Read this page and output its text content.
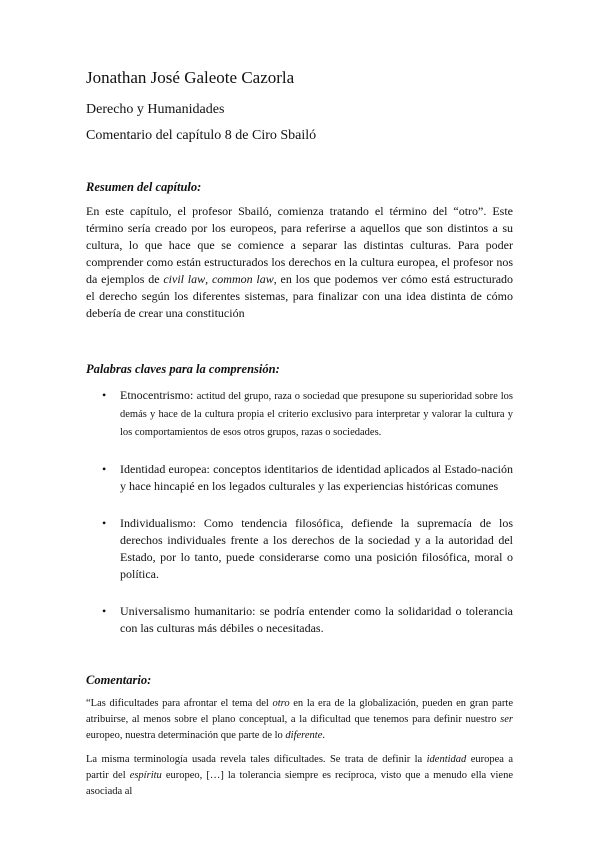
Jonathan José Galeote Cazorla

Derecho y Humanidades

Comentario del capítulo 8 de Ciro Sbailó

Resumen del capítulo:

En este capítulo, el profesor Sbailó, comienza tratando el término del “otro”. Este término sería creado por los europeos, para referirse a aquellos que son distintos a su cultura, lo que hace que se comience a separar las distintas culturas. Para poder comprender como están estructurados los derechos en la cultura europea, el profesor nos da ejemplos de civil law, common law, en los que podemos ver cómo está estructurado el derecho según los diferentes sistemas, para finalizar con una idea distinta de cómo debería de crear una constitución

Palabras claves para la comprensión:

• Etnocentrismo: actitud del grupo, raza o sociedad que presupone su superioridad sobre los demás y hace de la cultura propia el criterio exclusivo para interpretar y valorar la cultura y los comportamientos de esos otros grupos, razas o sociedades.
• Identidad europea: conceptos identitarios de identidad aplicados al Estado-nación y hace hincapié en los legados culturales y las experiencias históricas comunes
• Individualismo: Como tendencia filosófica, defiende la supremacía de los derechos individuales frente a los derechos de la sociedad y a la autoridad del Estado, por lo tanto, puede considerarse como una posición filosófica, moral o política.
• Universalismo humanitario: se podría entender como la solidaridad o tolerancia con las culturas más débiles o necesitadas.

Comentario:

“Las dificultades para afrontar el tema del otro en la era de la globalización, pueden en gran parte atribuirse, al menos sobre el plano conceptual, a la dificultad que tenemos para definir nuestro ser europeo, nuestra determinación que parte de lo diferente.

La misma terminología usada revela tales dificultades. Se trata de definir la identidad europea a partir del espíritu europeo, […] la tolerancia siempre es recíproca, visto que a menudo ella viene asociada al
